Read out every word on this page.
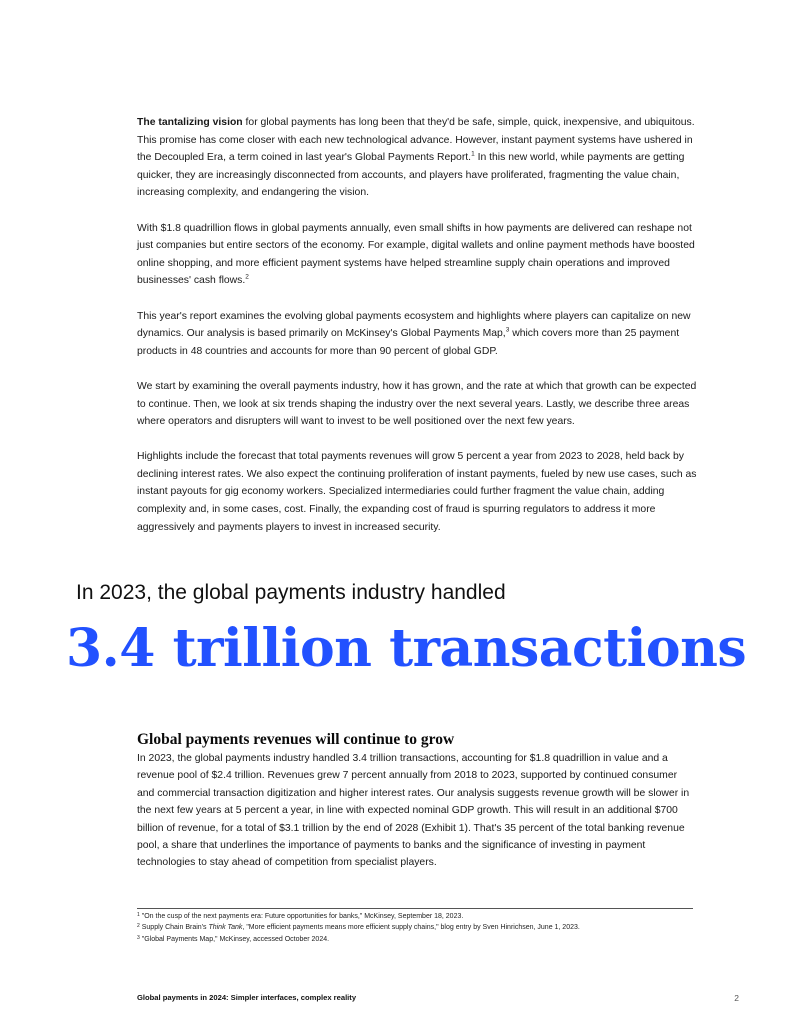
The tantalizing vision for global payments has long been that they'd be safe, simple, quick, inexpensive, and ubiquitous. This promise has come closer with each new technological advance. However, instant payment systems have ushered in the Decoupled Era, a term coined in last year's Global Payments Report.$^1$ In this new world, while payments are getting quicker, they are increasingly disconnected from accounts, and players have proliferated, fragmenting the value chain, increasing complexity, and endangering the vision.

With $1.8 quadrillion flows in global payments annually, even small shifts in how payments are delivered can reshape not just companies but entire sectors of the economy. For example, digital wallets and online payment methods have boosted online shopping, and more efficient payment systems have helped streamline supply chain operations and improved businesses' cash flows.$^2$

This year's report examines the evolving global payments ecosystem and highlights where players can capitalize on new dynamics. Our analysis is based primarily on McKinsey's Global Payments Map,$^3$ which covers more than 25 payment products in 48 countries and accounts for more than 90 percent of global GDP.

We start by examining the overall payments industry, how it has grown, and the rate at which that growth can be expected to continue. Then, we look at six trends shaping the industry over the next several years. Lastly, we describe three areas where operators and disrupters will want to invest to be well positioned over the next few years.

Highlights include the forecast that total payments revenues will grow 5 percent a year from 2023 to 2028, held back by declining interest rates. We also expect the continuing proliferation of instant payments, fueled by new use cases, such as instant payouts for gig economy workers. Specialized intermediaries could further fragment the value chain, adding complexity and, in some cases, cost. Finally, the expanding cost of fraud is spurring regulators to address it more aggressively and payments players to invest in increased security.

In 2023, the global payments industry handled
3.4 trillion transactions
Global payments revenues will continue to grow

In 2023, the global payments industry handled 3.4 trillion transactions, accounting for $1.8 quadrillion in value and a revenue pool of $2.4 trillion. Revenues grew 7 percent annually from 2018 to 2023, supported by continued consumer and commercial transaction digitization and higher interest rates. Our analysis suggests revenue growth will be slower in the next few years at 5 percent a year, in line with expected nominal GDP growth. This will result in an additional $700 billion of revenue, for a total of $3.1 trillion by the end of 2028 (Exhibit 1). That's 35 percent of the total banking revenue pool, a share that underlines the importance of payments to banks and the significance of investing in payment technologies to stay ahead of competition from specialist players.

$^1$ "On the cusp of the next payments era: Future opportunities for banks," McKinsey, September 18, 2023.
$^2$ Supply Chain Brain's Think Tank, "More efficient payments means more efficient supply chains," blog entry by Sven Hinrichsen, June 1, 2023.
$^3$ "Global Payments Map," McKinsey, accessed October 2024.
Global payments in 2024: Simpler interfaces, complex reality	2
